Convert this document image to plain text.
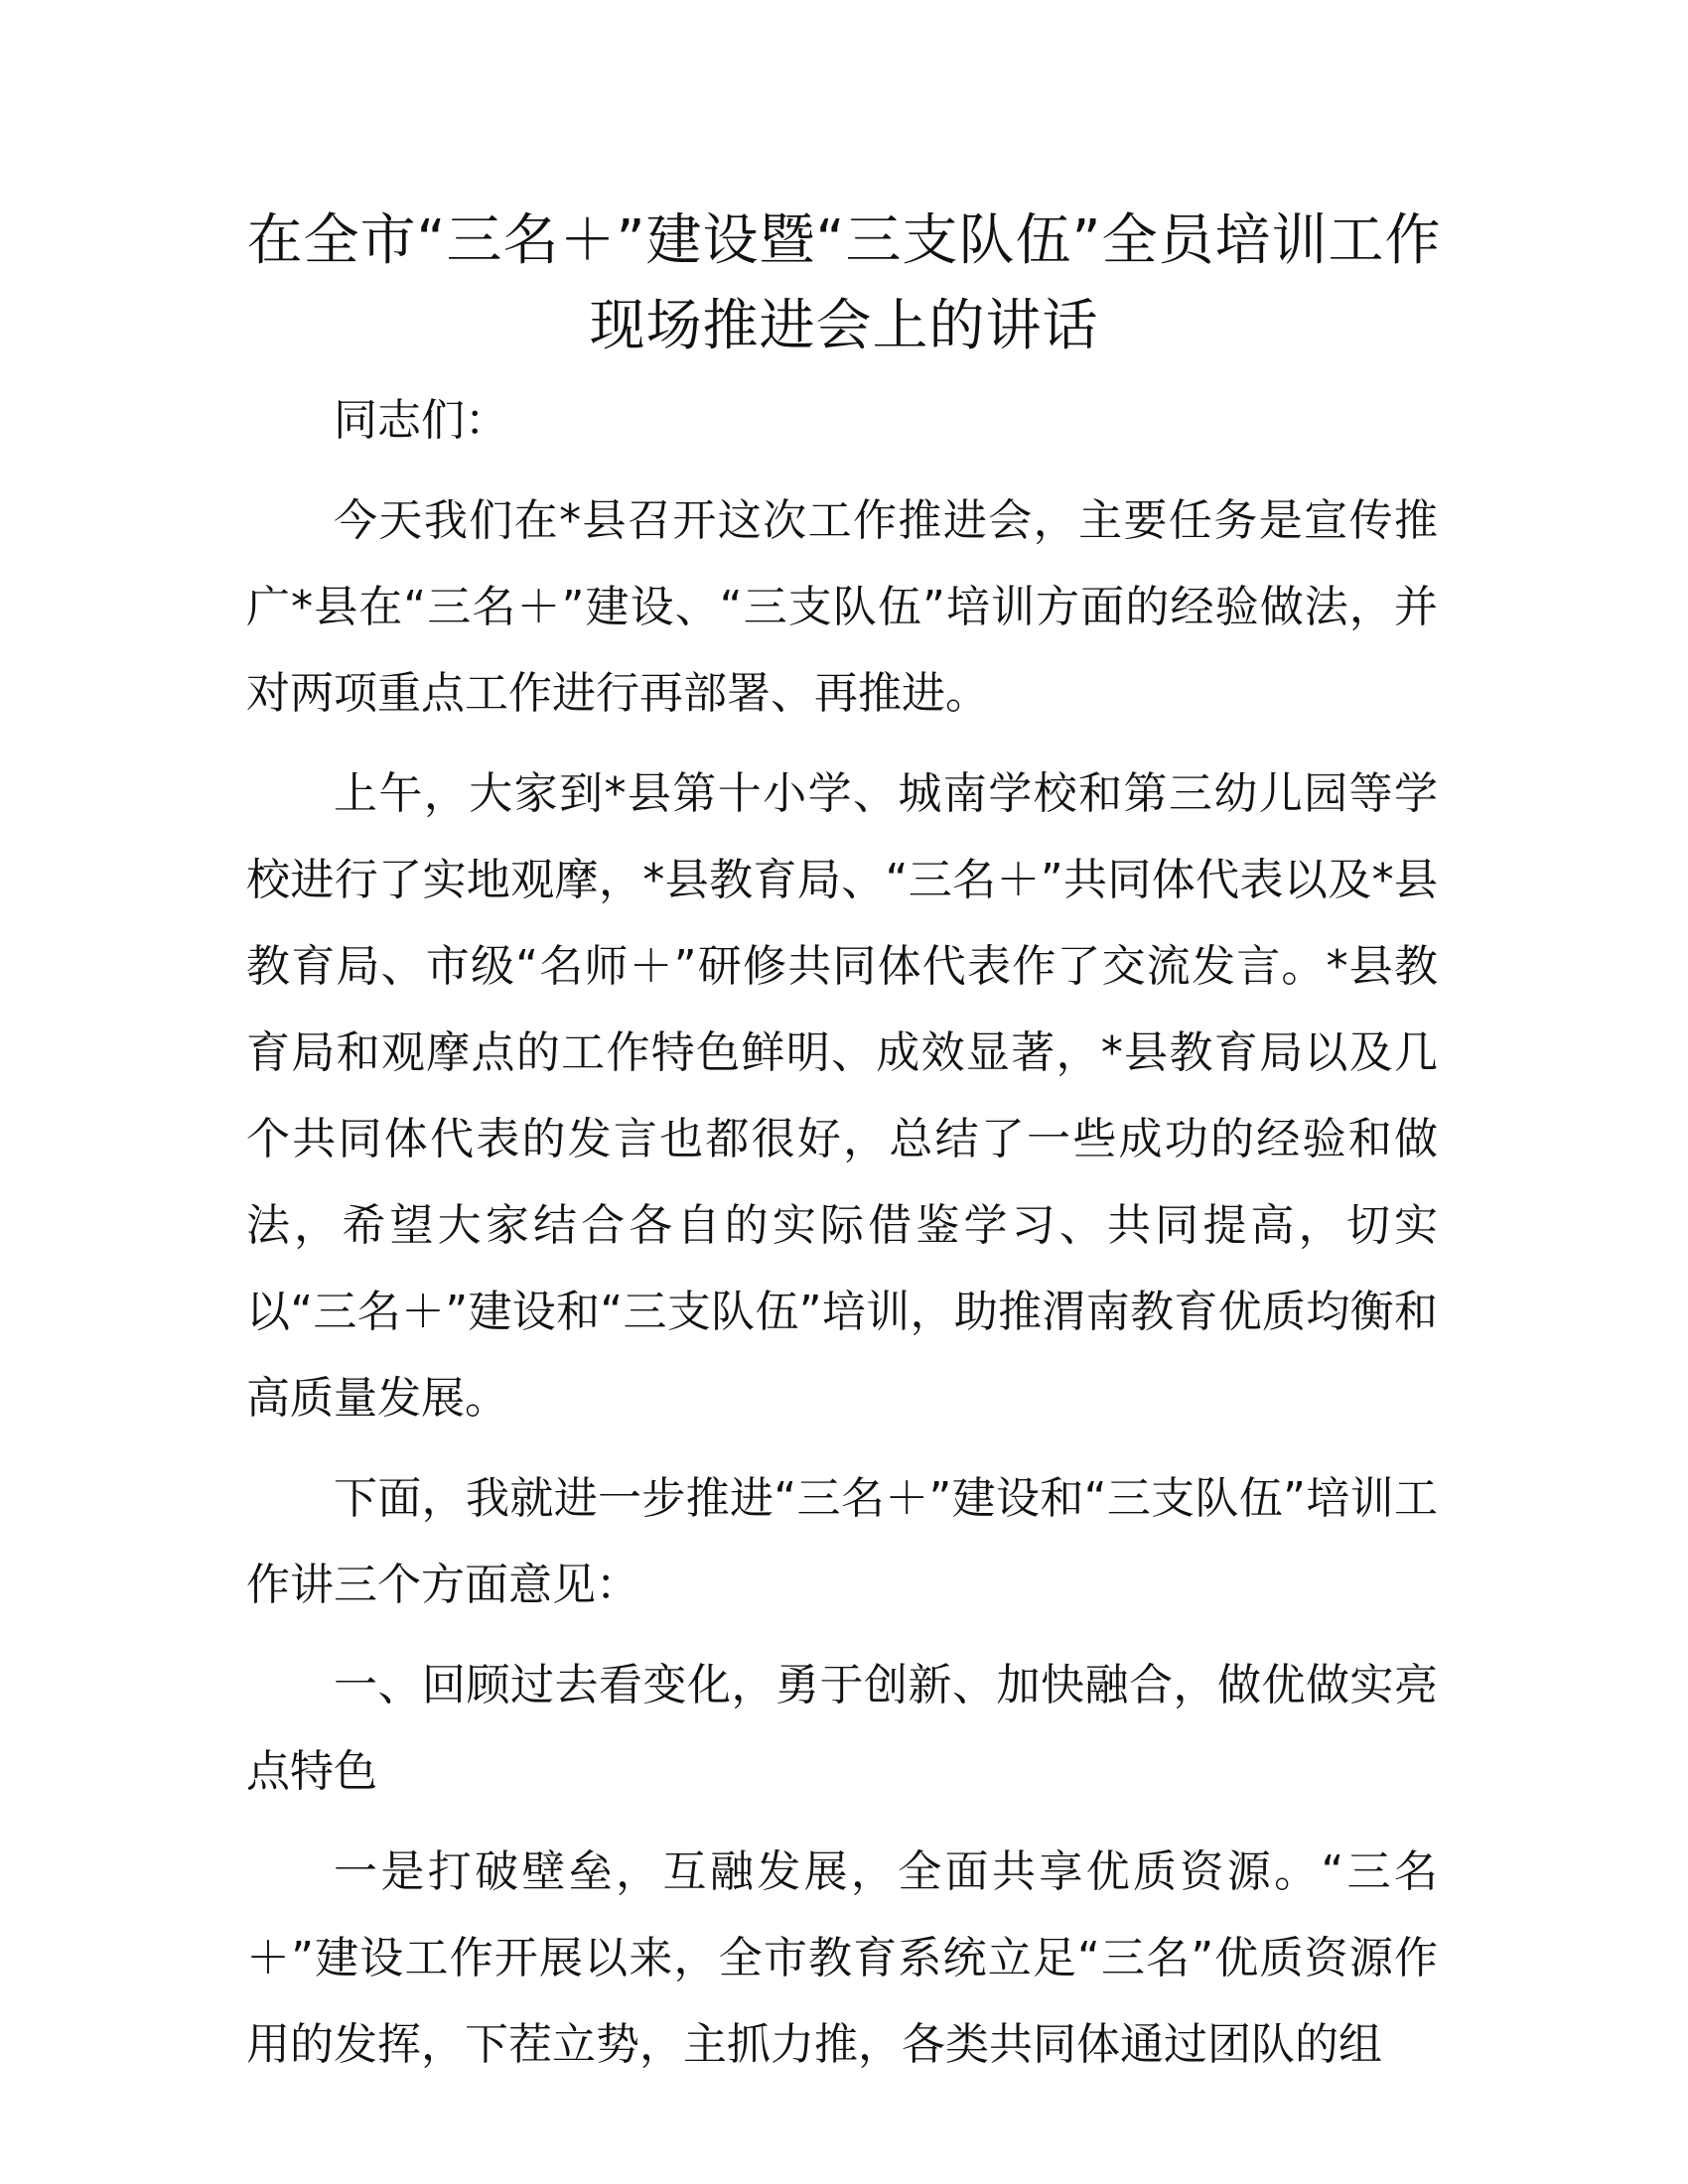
在全市“三名＋”建设暨“三支队伍”全员培训工作现场推进会上的讲话

同志们：

今天我们在*县召开这次工作推进会，主要任务是宣传推广*县在“三名＋”建设、“三支队伍”培训方面的经验做法，并对两项重点工作进行再部署、再推进。

上午，大家到*县第十小学、城南学校和第三幼儿园等学校进行了实地观摩，*县教育局、“三名＋”共同体代表以及*县教育局、市级“名师＋”研修共同体代表作了交流发言。*县教育局和观摩点的工作特色鲜明、成效显著，*县教育局以及几个共同体代表的发言也都很好，总结了一些成功的经验和做法，希望大家结合各自的实际借鉴学习、共同提高，切实以“三名＋”建设和“三支队伍”培训，助推渭南教育优质均衡和高质量发展。

下面，我就进一步推进“三名＋”建设和“三支队伍”培训工作讲三个方面意见：

一、回顾过去看变化，勇于创新、加快融合，做优做实亮点特色

一是打破壁垒，互融发展，全面共享优质资源。“三名＋”建设工作开展以来，全市教育系统立足“三名”优质资源作用的发挥，下茬立势，主抓力推，各类共同体通过团队的组
